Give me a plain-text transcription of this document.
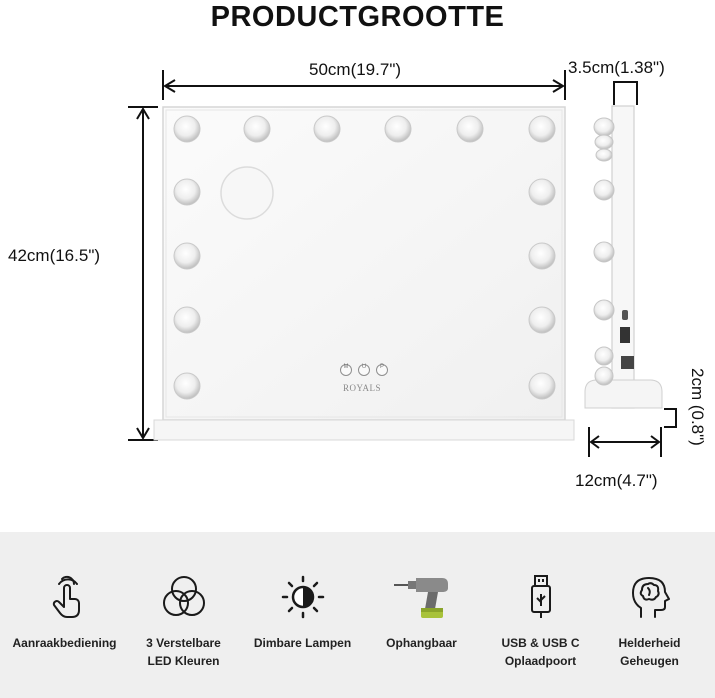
PRODUCTGROOTTE
ROYALS
50cm(19.7")
42cm(16.5")
3.5cm(1.38")
12cm(4.7")
2cm (0.8")
Aanraakbediening	3 Verstelbare
LED Kleuren
Dimbare Lampen	Ophangbaar	USB & USB C
Oplaadpoort
Helderheid
Geheugen
M	U	P
